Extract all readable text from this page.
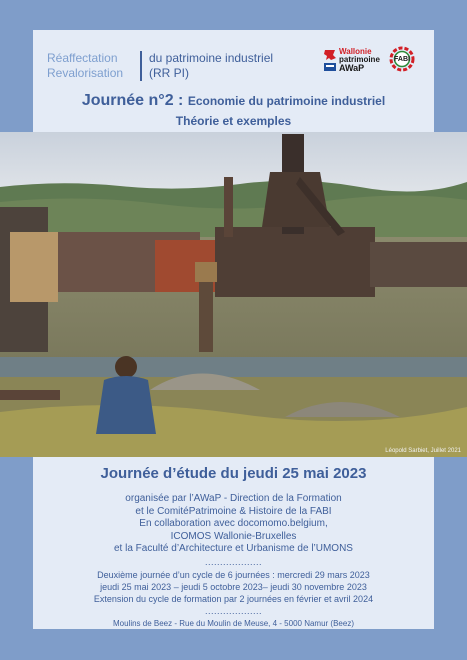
Réaffectation
Revalorisation
du patrimoine industriel
(RR PI)
Wallonie
patrimoine
AWaP
FABI
Journée n°2 : Economie du patrimoine industriel
Théorie et exemples
Léopold Sarbiet, Juillet 2021
Journée d’étude du jeudi 25 mai 2023
organisée par l’AWaP - Direction de la Formation
et le ComitéPatrimoine & Histoire de la FABI
En collaboration avec docomomo.belgium,
ICOMOS Wallonie-Bruxelles
et la Faculté d’Architecture et Urbanisme de l’UMONS
...................
Deuxième journée d’un cycle de 6 journées : mercredi 29 mars 2023
jeudi 25 mai 2023 – jeudi 5 octobre 2023– jeudi 30 novembre 2023
Extension du cycle de formation par 2 journées en février et avril 2024
...................
Moulins de Beez - Rue du Moulin de Meuse, 4 - 5000 Namur (Beez)
